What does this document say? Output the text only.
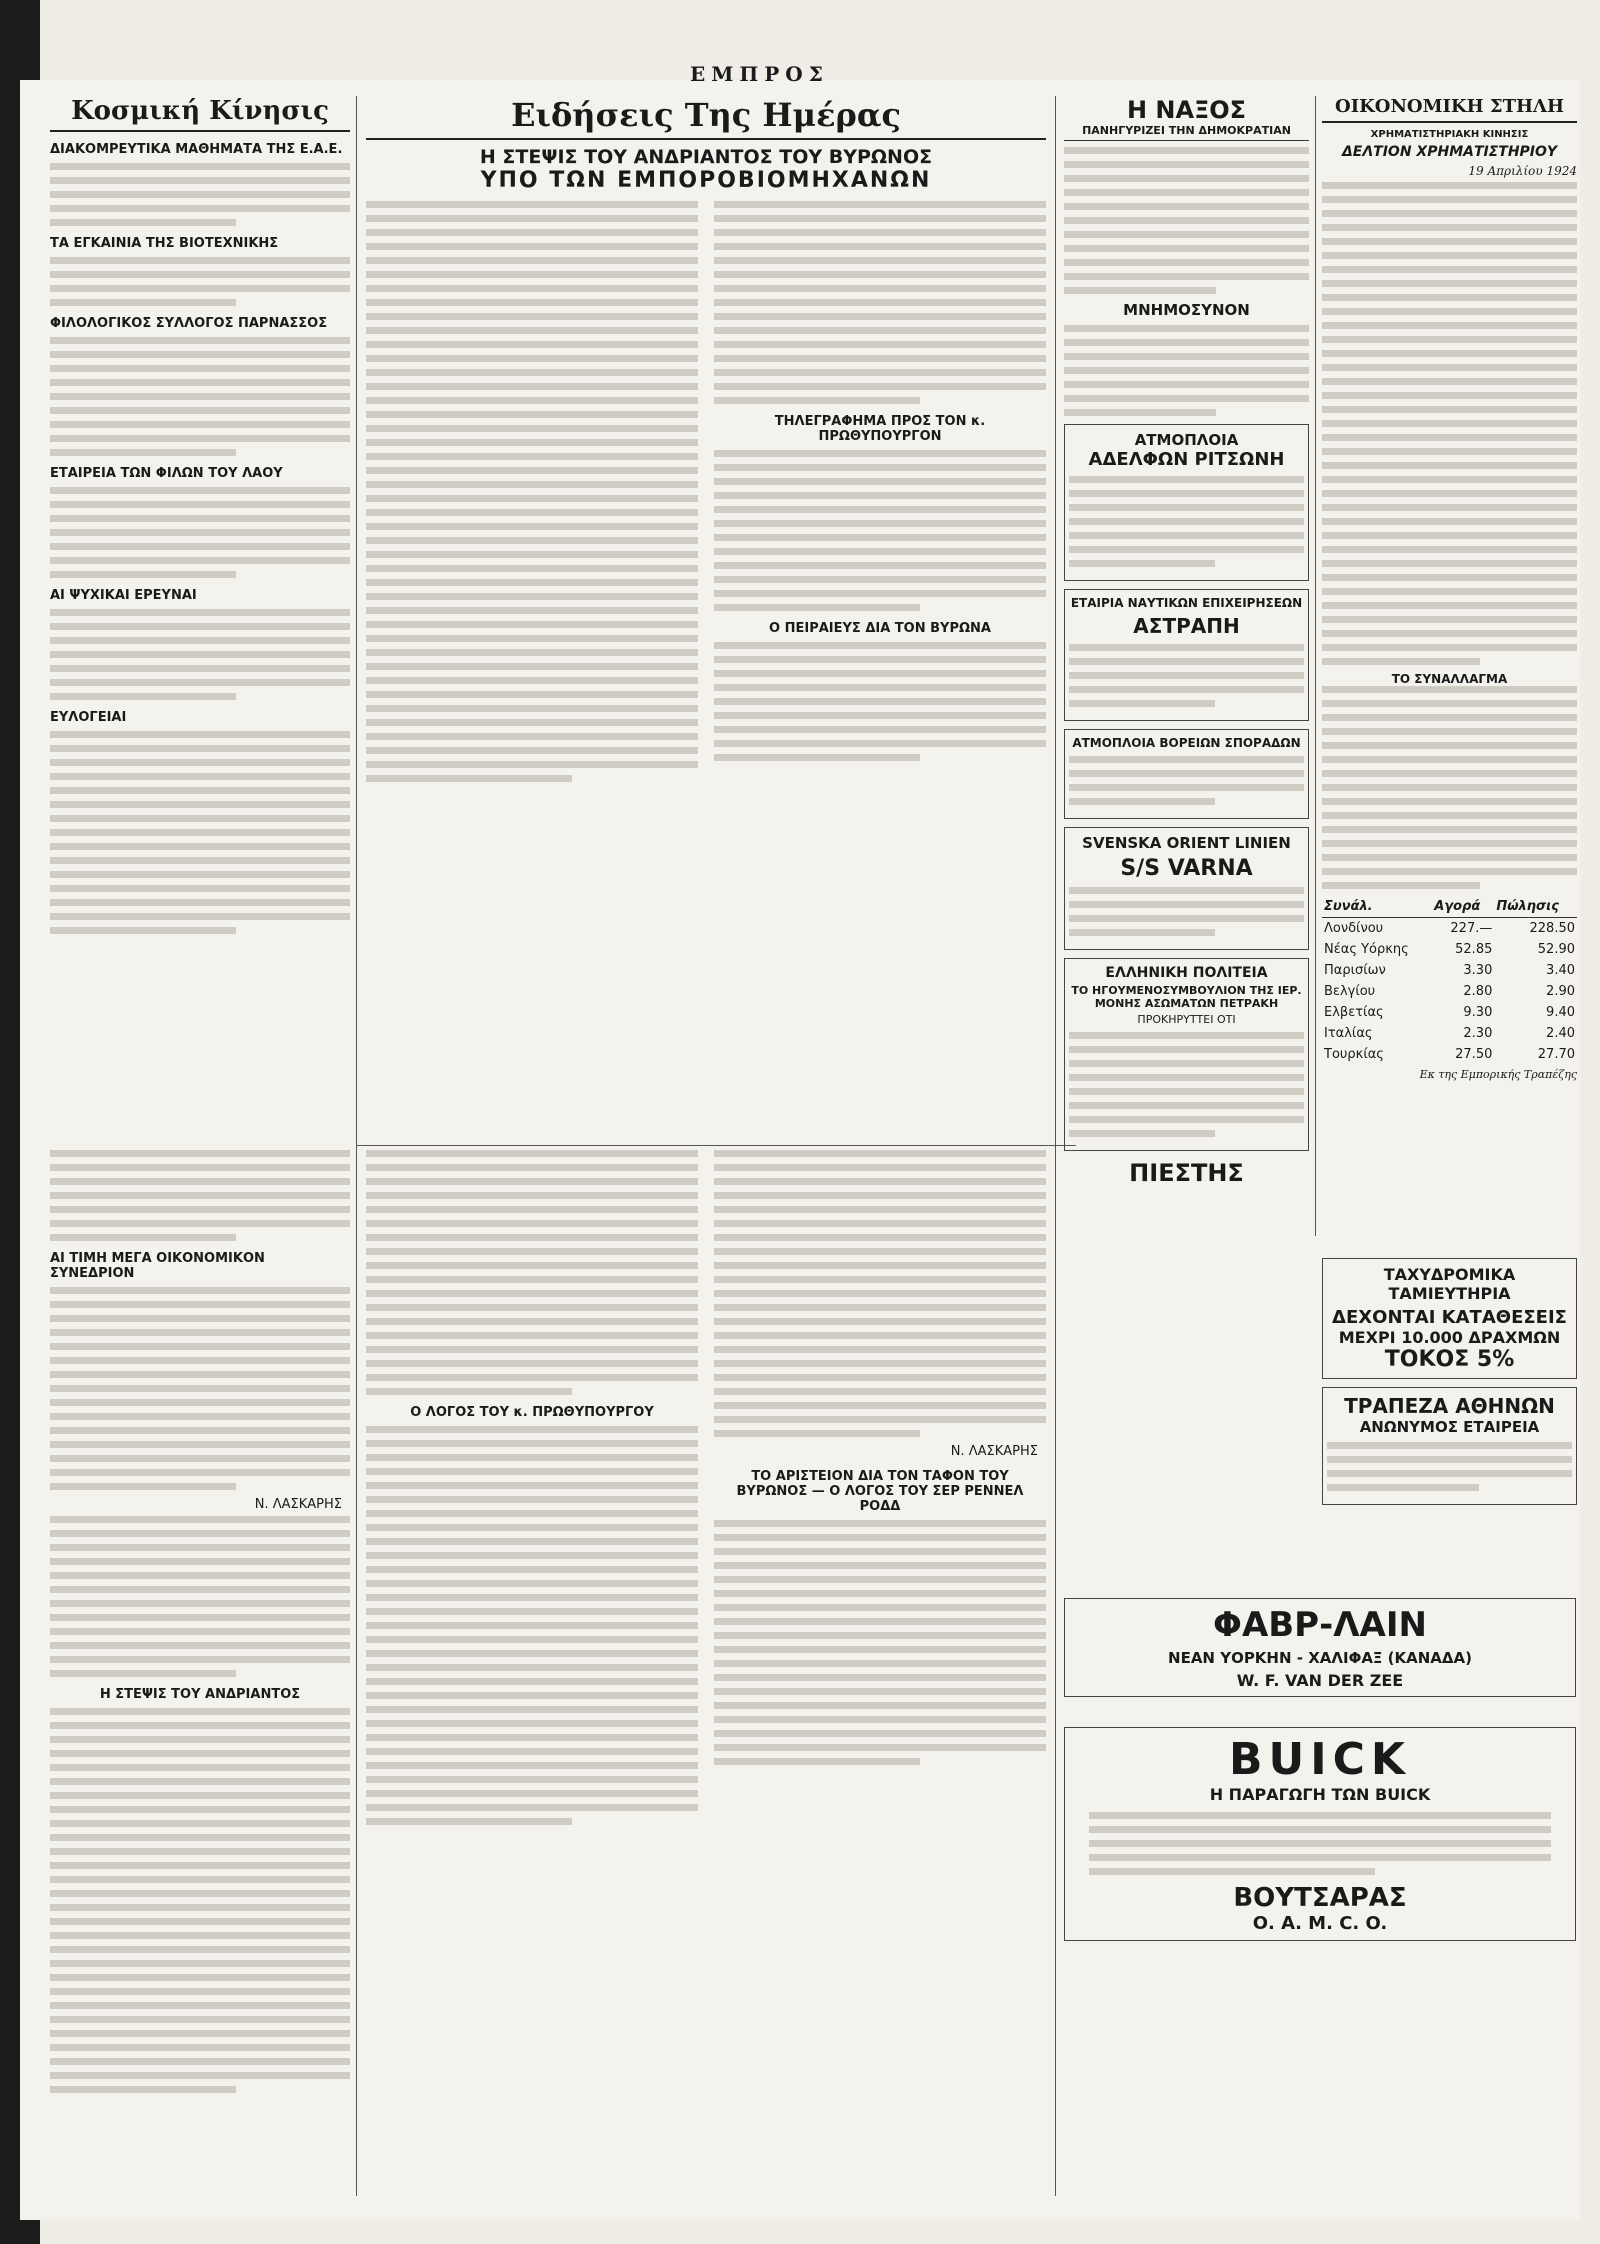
ΕΜΠΡΟΣ
Κοσμική Κίνησις
ΔΙΑΚΟΜΡΕΥΤΙΚΑ ΜΑΘΗΜΑΤΑ ΤΗΣ Ε.Α.Ε.
ΤΑ ΕΓΚΑΙΝΙΑ ΤΗΣ ΒΙΟΤΕΧΝΙΚΗΣ
ΦΙΛΟΛΟΓΙΚΟΣ ΣΥΛΛΟΓΟΣ ΠΑΡΝΑΣΣΟΣ
ΕΤΑΙΡΕΙΑ ΤΩΝ ΦΙΛΩΝ ΤΟΥ ΛΑΟΥ
ΑΙ ΨΥΧΙΚΑΙ ΕΡΕΥΝΑΙ
ΕΥΛΟΓΕΙΑΙ
Ειδήσεις Της Ημέρας
Η ΣΤΕΨΙΣ ΤΟΥ ΑΝΔΡΙΑΝΤΟΣ ΤΟΥ ΒΥΡΩΝΟΣ
ΥΠΟ ΤΩΝ ΕΜΠΟΡΟΒΙΟΜΗΧΑΝΩΝ
ΤΗΛΕΓΡΑΦΗΜΑ ΠΡΟΣ ΤΟΝ κ. ΠΡΩΘΥΠΟΥΡΓΟΝ
Ο ΠΕΙΡΑΙΕΥΣ ΔΙΑ ΤΟΝ ΒΥΡΩΝΑ
ΑΙ ΤΙΜΗ ΜΕΓΑ ΟΙΚΟΝΟΜΙΚΟΝ ΣΥΝΕΔΡΙΟΝ
Ν. ΛΑΣΚΑΡΗΣ
Η ΣΤΕΨΙΣ ΤΟΥ ΑΝΔΡΙΑΝΤΟΣ
Ο ΛΟΓΟΣ ΤΟΥ κ. ΠΡΩΘΥΠΟΥΡΓΟΥ
Ν. ΛΑΣΚΑΡΗΣ
ΤΟ ΑΡΙΣΤΕΙΟΝ ΔΙΑ ΤΟΝ ΤΑΦΟΝ ΤΟΥ ΒΥΡΩΝΟΣ — Ο ΛΟΓΟΣ ΤΟΥ ΣΕΡ ΡΕΝΝΕΛ ΡΟΔΔ
Η ΝΑΞΟΣ
ΠΑΝΗΓΥΡΙΖΕΙ ΤΗΝ ΔΗΜΟΚΡΑΤΙΑΝ
ΜΝΗΜΟΣΥΝΟΝ
ΑΤΜΟΠΛΟΙΑ
ΑΔΕΛΦΩΝ ΡΙΤΣΩΝΗ
ΕΤΑΙΡΙΑ ΝΑΥΤΙΚΩΝ ΕΠΙΧΕΙΡΗΣΕΩΝ
ΑΣΤΡΑΠΗ
ΑΤΜΟΠΛΟΙΑ ΒΟΡΕΙΩΝ ΣΠΟΡΑΔΩΝ
SVENSKA ORIENT LINIEN
S/S VARNA
ΕΛΛΗΝΙΚΗ ΠΟΛΙΤΕΙΑ
ΤΟ ΗΓΟΥΜΕΝΟΣΥΜΒΟΥΛΙΟΝ ΤΗΣ ΙΕΡ. ΜΟΝΗΣ ΑΣΩΜΑΤΩΝ ΠΕΤΡΑΚΗ
ΠΡΟΚΗΡΥΤΤΕΙ ΟΤΙ
ΠΙΕΣΤΗΣ
ΟΙΚΟΝΟΜΙΚΗ ΣΤΗΛΗ
ΧΡΗΜΑΤΙΣΤΗΡΙΑΚΗ ΚΙΝΗΣΙΣ
ΔΕΛΤΙΟΝ ΧΡΗΜΑΤΙΣΤΗΡΙΟΥ
19 Απριλίου 1924
ΤΟ ΣΥΝΑΛΛΑΓΜΑ
Συνάλ.	Αγορά	Πώλησις
Λονδίνου	227.—	228.50
Νέας Υόρκης	52.85	52.90
Παρισίων	3.30	3.40
Βελγίου	2.80	2.90
Ελβετίας	9.30	9.40
Ιταλίας	2.30	2.40
Τουρκίας	27.50	27.70
Εκ της Εμπορικής Τραπέζης
ΤΑΧΥΔΡΟΜΙΚΑ ΤΑΜΙΕΥΤΗΡΙΑ
ΔΕΧΟΝΤΑΙ ΚΑΤΑΘΕΣΕΙΣ
ΜΕΧΡΙ 10.000 ΔΡΑΧΜΩΝ
ΤΟΚΟΣ 5%
ΤΡΑΠΕΖΑ ΑΘΗΝΩΝ
ΑΝΩΝΥΜΟΣ ΕΤΑΙΡΕΙΑ
ΦΑΒΡ-ΛΑΙΝ
ΝΕΑΝ ΥΟΡΚΗΝ - ΧΑΛΙΦΑΞ (ΚΑΝΑΔΑ)
W. F. VAN DER ZEE
BUICK
Η ΠΑΡΑΓΩΓΗ ΤΩΝ BUICK
ΒΟΥΤΣΑΡΑΣ
Ο. Α. Μ. C. O.
